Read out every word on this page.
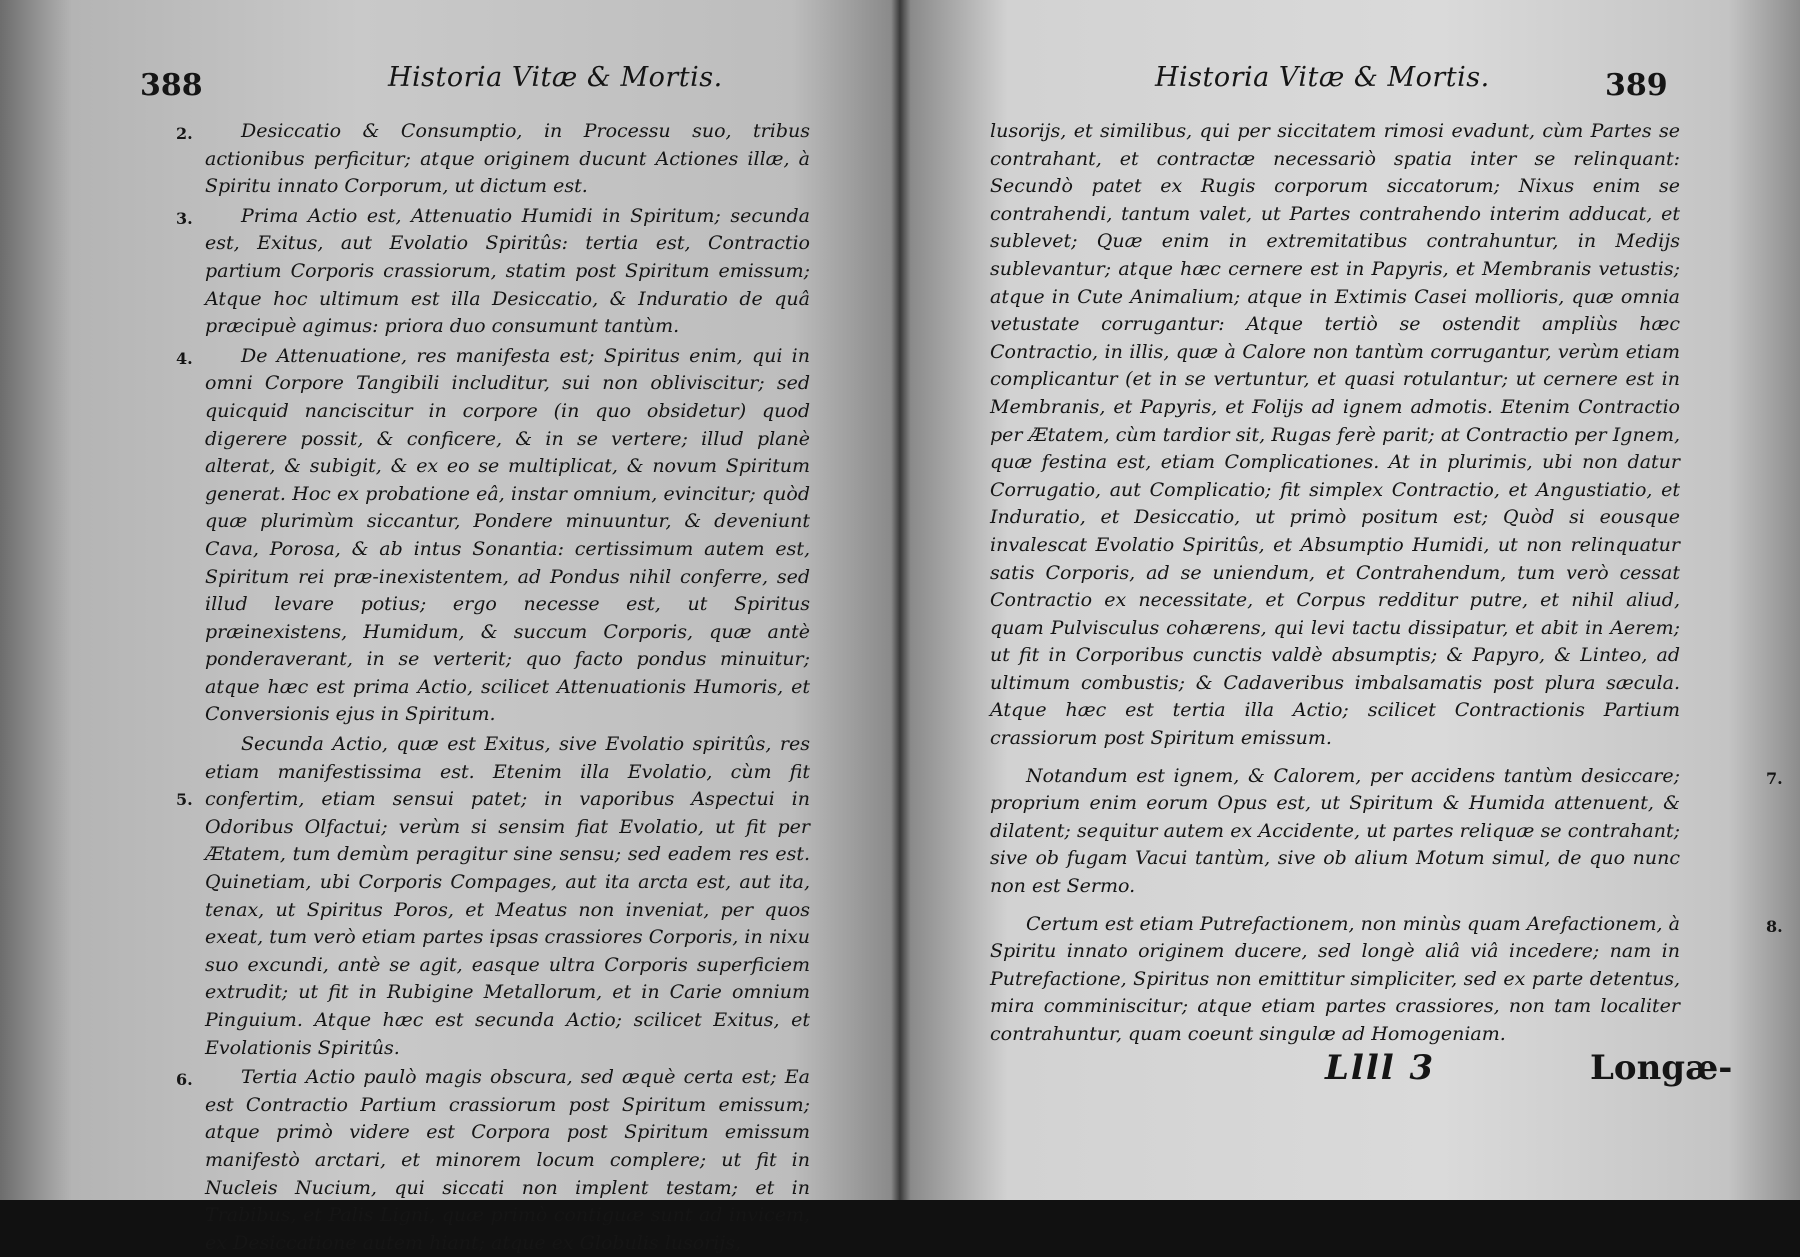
388	Historia Vitæ & Mortis.

2.	Desiccatio & Consumptio, in Processu suo, tribus actionibus perficitur; atque originem ducunt Actiones illæ, à Spiritu innato Corporum, ut dictum est.

3.	Prima Actio est, Attenuatio Humidi in Spiritum; secunda est, Exitus, aut Evolatio Spiritûs: tertia est, Contractio partium Corporis crassiorum, statim post Spiritum emissum; Atque hoc ultimum est illa Desiccatio, & Induratio de quâ præcipuè agimus: priora duo consumunt tantùm.

4.	De Attenuatione, res manifesta est; Spiritus enim, qui in omni Corpore Tangibili includitur, sui non obliviscitur; sed quicquid nanciscitur in corpore (in quo obsidetur) quod digerere possit, & conficere, & in se vertere; illud planè alterat, & subigit, & ex eo se multiplicat, & novum Spiritum generat. Hoc ex probatione eâ, instar omnium, evincitur; quòd quæ plurimùm siccantur, Pondere minuuntur, & deveniunt Cava, Porosa, & ab intus Sonantia: certissimum autem est, Spiritum rei præ-inexistentem, ad Pondus nihil conferre, sed illud levare potius; ergo necesse est, ut Spiritus præinexistens, Humidum, & succum Corporis, quæ antè ponderaverant, in se verterit; quo facto pondus minuitur; atque hæc est prima Actio, scilicet Attenuationis Humoris, et Conversionis ejus in Spiritum.

5.
Secunda Actio, quæ est Exitus, sive Evolatio spiritûs, res etiam manifestissima est. Etenim illa Evolatio, cùm fit confertim, etiam sensui patet; in vaporibus Aspectui in Odoribus Olfactui; verùm si sensim fiat Evolatio, ut fit per Ætatem, tum demùm peragitur sine sensu; sed eadem res est. Quinetiam, ubi Corporis Compages, aut ita arcta est, aut ita, tenax, ut Spiritus Poros, et Meatus non inveniat, per quos exeat, tum verò etiam partes ipsas crassiores Corporis, in nixu suo excundi, antè se agit, easque ultra Corporis superficiem extrudit; ut fit in Rubigine Metallorum, et in Carie omnium Pinguium. Atque hæc est secunda Actio; scilicet Exitus, et Evolationis Spiritûs.

6.	Tertia Actio paulò magis obscura, sed æquè certa est; Ea est Contractio Partium crassiorum post Spiritum emissum; atque primò videre est Corpora post Spiritum emissum manifestò arctari, et minorem locum complere; ut fit in Nucleis Nucium, qui siccati non implent testam; et in Trabibus, et Palis Ligni, quæ primò contiguæ sunt ad invicem, ex Desiccatione autem hiant; atque ex Globulis lusorijs,

Historia Vitæ & Mortis.	389

lusorijs, et similibus, qui per siccitatem rimosi evadunt, cùm Partes se contrahant, et contractæ necessariò spatia inter se relinquant: Secundò patet ex Rugis corporum siccatorum; Nixus enim se contrahendi, tantum valet, ut Partes contrahendo interim adducat, et sublevet; Quæ enim in extremitatibus contrahuntur, in Medijs sublevantur; atque hæc cernere est in Papyris, et Membranis vetustis; atque in Cute Animalium; atque in Extimis Casei mollioris, quæ omnia vetustate corrugantur: Atque tertiò se ostendit ampliùs hæc Contractio, in illis, quæ à Calore non tantùm corrugantur, verùm etiam complicantur (et in se vertuntur, et quasi rotulantur; ut cernere est in Membranis, et Papyris, et Folijs ad ignem admotis. Etenim Contractio per Ætatem, cùm tardior sit, Rugas ferè parit; at Contractio per Ignem, quæ festina est, etiam Complicationes. At in plurimis, ubi non datur Corrugatio, aut Complicatio; fit simplex Contractio, et Angustiatio, et Induratio, et Desiccatio, ut primò positum est; Quòd si eousque invalescat Evolatio Spiritûs, et Absumptio Humidi, ut non relinquatur satis Corporis, ad se uniendum, et Contrahendum, tum verò cessat Contractio ex necessitate, et Corpus redditur putre, et nihil aliud, quam Pulvisculus cohærens, qui levi tactu dissipatur, et abit in Aerem; ut fit in Corporibus cunctis valdè absumptis; & Papyro, & Linteo, ad ultimum combustis; & Cadaveribus imbalsamatis post plura sæcula. Atque hæc est tertia illa Actio; scilicet Contractionis Partium crassiorum post Spiritum emissum.

7.
Notandum est ignem, & Calorem, per accidens tantùm desiccare; proprium enim eorum Opus est, ut Spiritum & Humida attenuent, & dilatent; sequitur autem ex Accidente, ut partes reliquæ se contrahant; sive ob fugam Vacui tantùm, sive ob alium Motum simul, de quo nunc non est Sermo.

8.
Certum est etiam Putrefactionem, non minùs quam Arefactionem, à Spiritu innato originem ducere, sed longè aliâ viâ incedere; nam in Putrefactione, Spiritus non emittitur simpliciter, sed ex parte detentus, mira comminiscitur; atque etiam partes crassiores, non tam localiter contrahuntur, quam coeunt singulæ ad Homogeniam.

Llll 3	Longæ-
